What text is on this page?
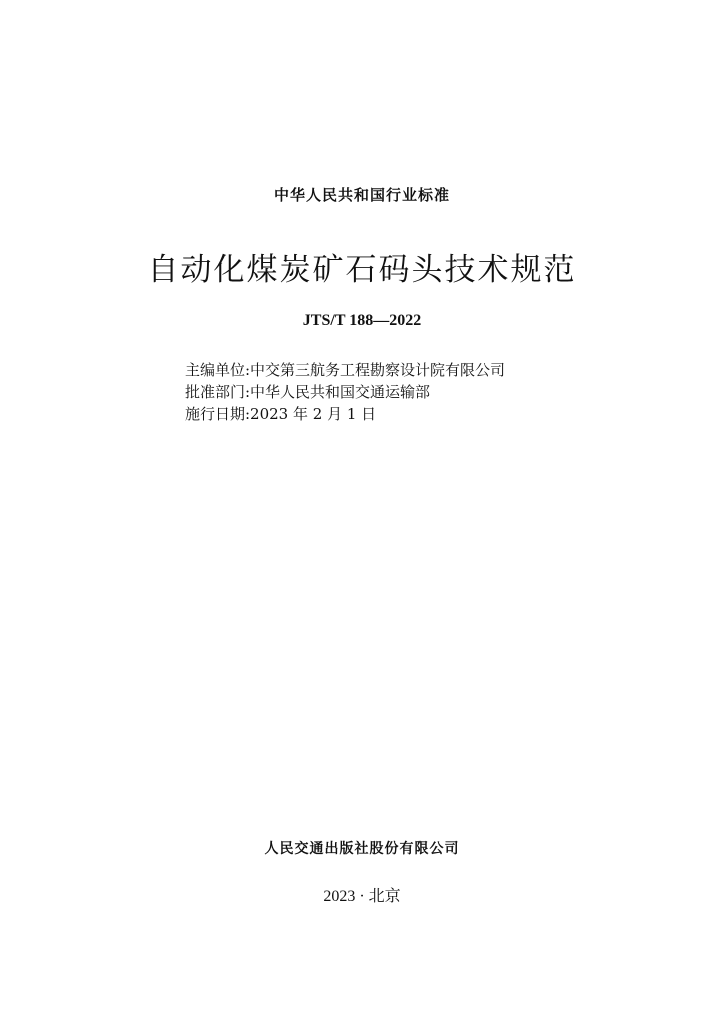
中华人民共和国行业标准
自动化煤炭矿石码头技术规范
JTS/T 188—2022
主编单位:中交第三航务工程勘察设计院有限公司
批准部门:中华人民共和国交通运输部
施行日期:2023 年 2 月 1 日
人民交通出版社股份有限公司
2023 · 北京
